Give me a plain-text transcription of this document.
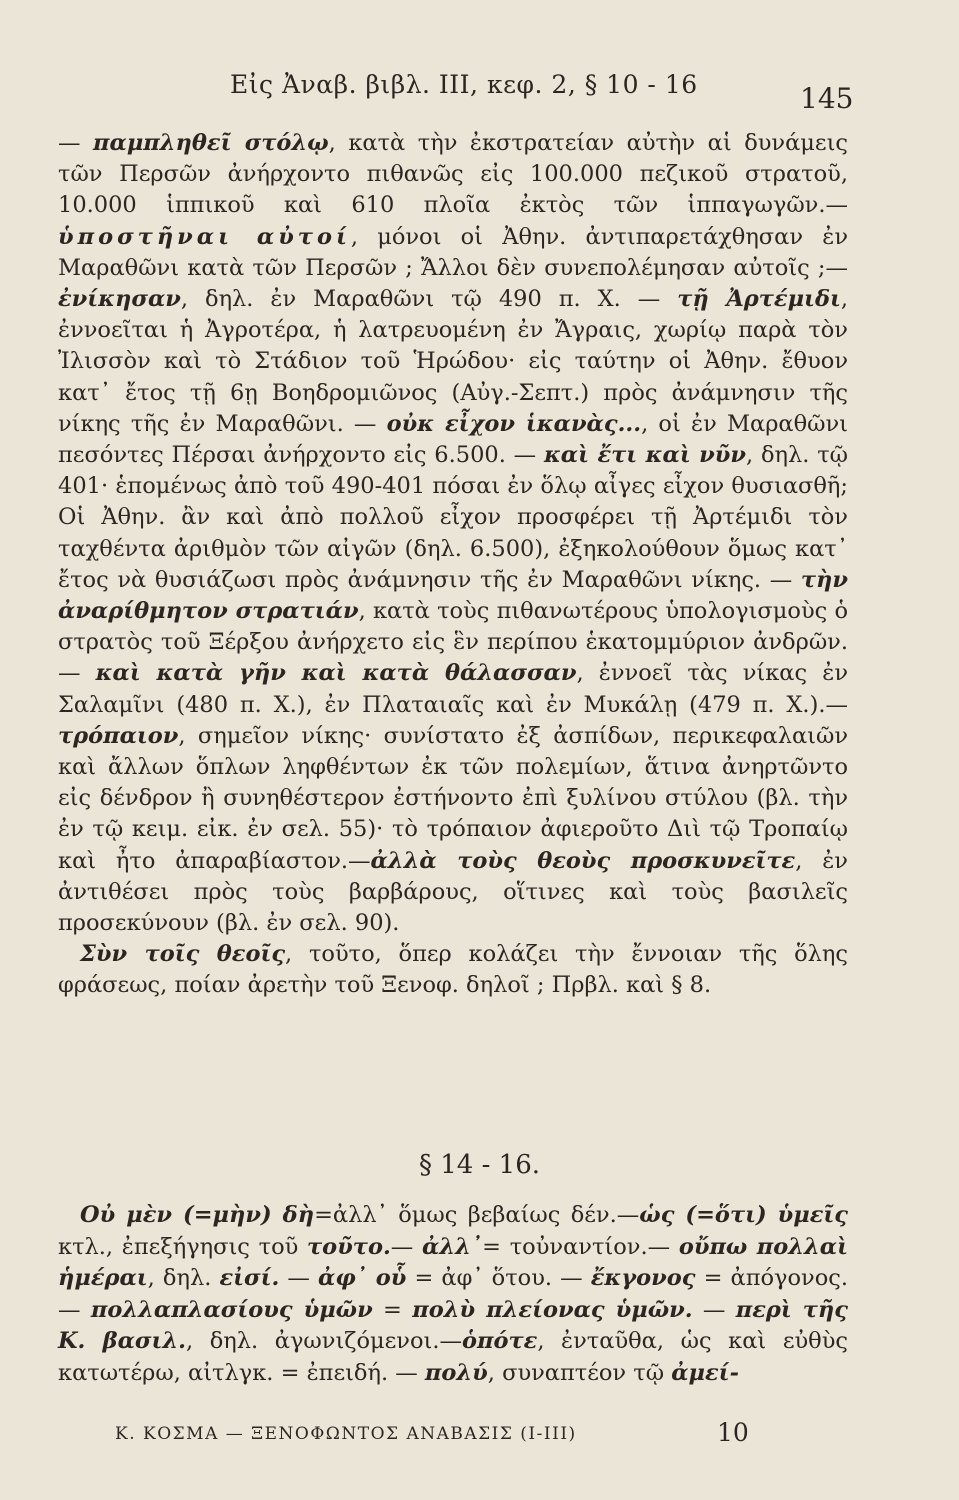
Εἰς Ἀναβ. βιβλ. ΙΙΙ, κεφ. 2, § 10 - 16	145

— παμπληθεῖ στόλῳ, κατὰ τὴν ἐκστρατείαν αὐτὴν αἱ δυνάμεις τῶν Περσῶν ἀνήρχοντο πιθανῶς εἰς 100.000 πεζικοῦ στρατοῦ, 10.000 ἱππικοῦ καὶ 610 πλοῖα ἐκτὸς τῶν ἱππαγωγῶν.—ὑποστῆναι αὐτοί, μόνοι οἱ Ἀθην. ἀντιπαρετάχθησαν ἐν Μαραθῶνι κατὰ τῶν Περσῶν ; Ἄλλοι δὲν συνεπολέμησαν αὐτοῖς ;—ἐνίκησαν, δηλ. ἐν Μαραθῶνι τῷ 490 π. Χ. — τῇ Ἀρτέμιδι, ἐννοεῖται ἡ Ἀγροτέρα, ἡ λατρευομένη ἐν Ἄγραις, χωρίῳ παρὰ τὸν Ἰλισσὸν καὶ τὸ Στάδιον τοῦ Ἡρώδου· εἰς ταύτην οἱ Ἀθην. ἔθυον κατ᾽ ἔτος τῇ 6ῃ Βοηδρομιῶνος (Αὐγ.-Σεπτ.) πρὸς ἀνάμνησιν τῆς νίκης τῆς ἐν Μαραθῶνι. — οὐκ εἶχον ἱκανὰς..., οἱ ἐν Μαραθῶνι πεσόντες Πέρσαι ἀνήρχοντο εἰς 6.500. — καὶ ἔτι καὶ νῦν, δηλ. τῷ 401· ἑπομένως ἀπὸ τοῦ 490-401 πόσαι ἐν ὅλῳ αἶγες εἶχον θυσιασθῆ; Οἱ Ἀθην. ἂν καὶ ἀπὸ πολλοῦ εἶχον προσφέρει τῇ Ἀρτέμιδι τὸν ταχθέντα ἀριθμὸν τῶν αἰγῶν (δηλ. 6.500), ἐξηκολούθουν ὅμως κατ᾽ ἔτος νὰ θυσιάζωσι πρὸς ἀνάμνησιν τῆς ἐν Μαραθῶνι νίκης. — τὴν ἀναρίθμητον στρατιάν, κατὰ τοὺς πιθανωτέρους ὑπολογισμοὺς ὁ στρατὸς τοῦ Ξέρξου ἀνήρχετο εἰς ἓν περίπου ἑκατομμύριον ἀνδρῶν.— καὶ κατὰ γῆν καὶ κατὰ θάλασσαν, ἐννοεῖ τὰς νίκας ἐν Σαλαμῖνι (480 π. Χ.), ἐν Πλαταιαῖς καὶ ἐν Μυκάλῃ (479 π. Χ.).—τρόπαιον, σημεῖον νίκης· συνίστατο ἐξ ἀσπίδων, περικεφαλαιῶν καὶ ἄλλων ὅπλων ληφθέντων ἐκ τῶν πολεμίων, ἅτινα ἀνηρτῶντο εἰς δένδρον ἢ συνηθέστερον ἐστήνοντο ἐπὶ ξυλίνου στύλου (βλ. τὴν ἐν τῷ κειμ. εἰκ. ἐν σελ. 55)· τὸ τρόπαιον ἀφιεροῦτο Διὶ τῷ Τροπαίῳ καὶ ἦτο ἀπαραβίαστον.—ἀλλὰ τοὺς θεοὺς προσκυνεῖτε, ἐν ἀντιθέσει πρὸς τοὺς βαρβάρους, οἵτινες καὶ τοὺς βασιλεῖς προσεκύνουν (βλ. ἐν σελ. 90).

Σὺν τοῖς θεοῖς, τοῦτο, ὅπερ κολάζει τὴν ἔννοιαν τῆς ὅλης φράσεως, ποίαν ἀρετὴν τοῦ Ξενοφ. δηλοῖ ; Πρβλ. καὶ § 8.

§ 14 - 16.

Οὐ μὲν (=μὴν) δὴ=ἀλλ᾽ ὅμως βεβαίως δέν.—ὡς (=ὅτι) ὑμεῖς κτλ., ἐπεξήγησις τοῦ τοῦτο.— ἀλλ᾽= τοὐναντίον.— οὔπω πολλαὶ ἡμέραι, δηλ. εἰσί. — ἀφ᾽ οὗ = ἀφ᾽ ὅτου. — ἔκγονος = ἀπόγονος. — πολλαπλασίους ὑμῶν = πολὺ πλείονας ὑμῶν. — περὶ τῆς Κ. βασιλ., δηλ. ἀγωνιζόμενοι.—ὁπότε, ἐνταῦθα, ὡς καὶ εὐθὺς κατωτέρω, αἰτλγκ. = ἐπειδή. — πολύ, συναπτέον τῷ ἀμεί-

Κ. ΚΟΣΜΑ — ΞΕΝΟΦΩΝΤΟΣ ΑΝΑΒΑΣΙΣ (Ι-ΙΙΙ)	10
